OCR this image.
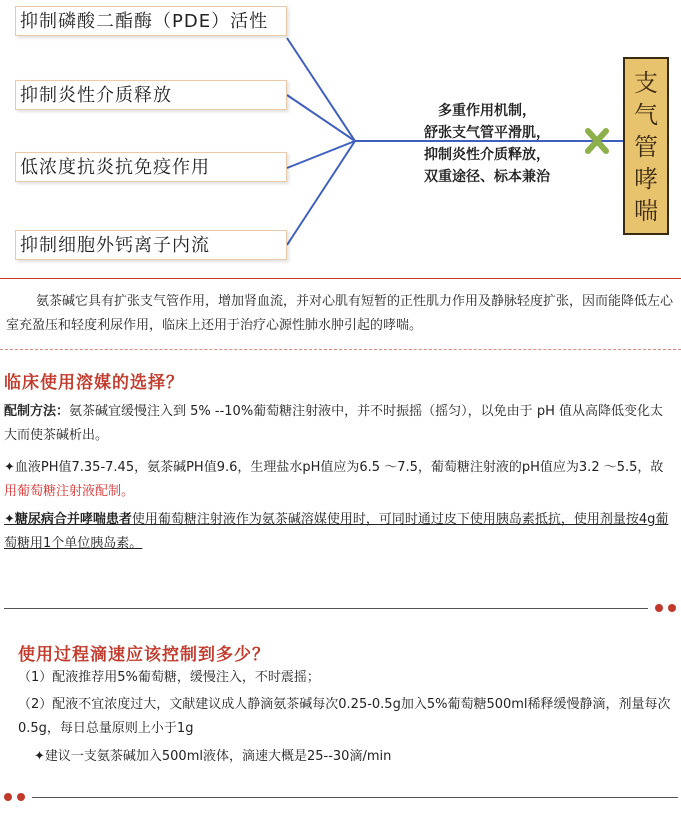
抑制磷酸二酯酶（PDE）活性
抑制炎性介质释放
低浓度抗炎抗免疫作用
抑制细胞外钙离子内流
多重作用机制，
舒张支气管平滑肌，
抑制炎性介质释放，
双重途径、标本兼治
支
气
管
哮
喘
氨茶碱它具有扩张支气管作用，增加肾血流，并对心肌有短暂的正性肌力作用及静脉轻度扩张，因而能降低左心室充盈压和轻度利尿作用，临床上还用于治疗心源性肺水肿引起的哮喘。
临床使用溶媒的选择？
配制方法：氨茶碱宜缓慢注入到 5% --10%葡萄糖注射液中，并不时振摇（摇匀），以免由于 pH 值从高降低变化太大而使茶碱析出。
✦血液PH值7.35-7.45，氨茶碱PH值9.6，生理盐水pH值应为6.5 ～7.5，葡萄糖注射液的pH值应为3.2 ～5.5，故用葡萄糖注射液配制。
✦糖尿病合并哮喘患者使用葡萄糖注射液作为氨茶碱溶媒使用时，可同时通过皮下使用胰岛素抵抗，使用剂量按4g葡萄糖用1个单位胰岛素。
使用过程滴速应该控制到多少？
（1）配液推荐用5%葡萄糖，缓慢注入，不时震摇；
（2）配液不宜浓度过大，文献建议成人静滴氨茶碱每次0.25-0.5g加入5%葡萄糖500ml稀释缓慢静滴，剂量每次0.5g，每日总量原则上小于1g
✦建议一支氨茶碱加入500ml液体，滴速大概是25--30滴/min
